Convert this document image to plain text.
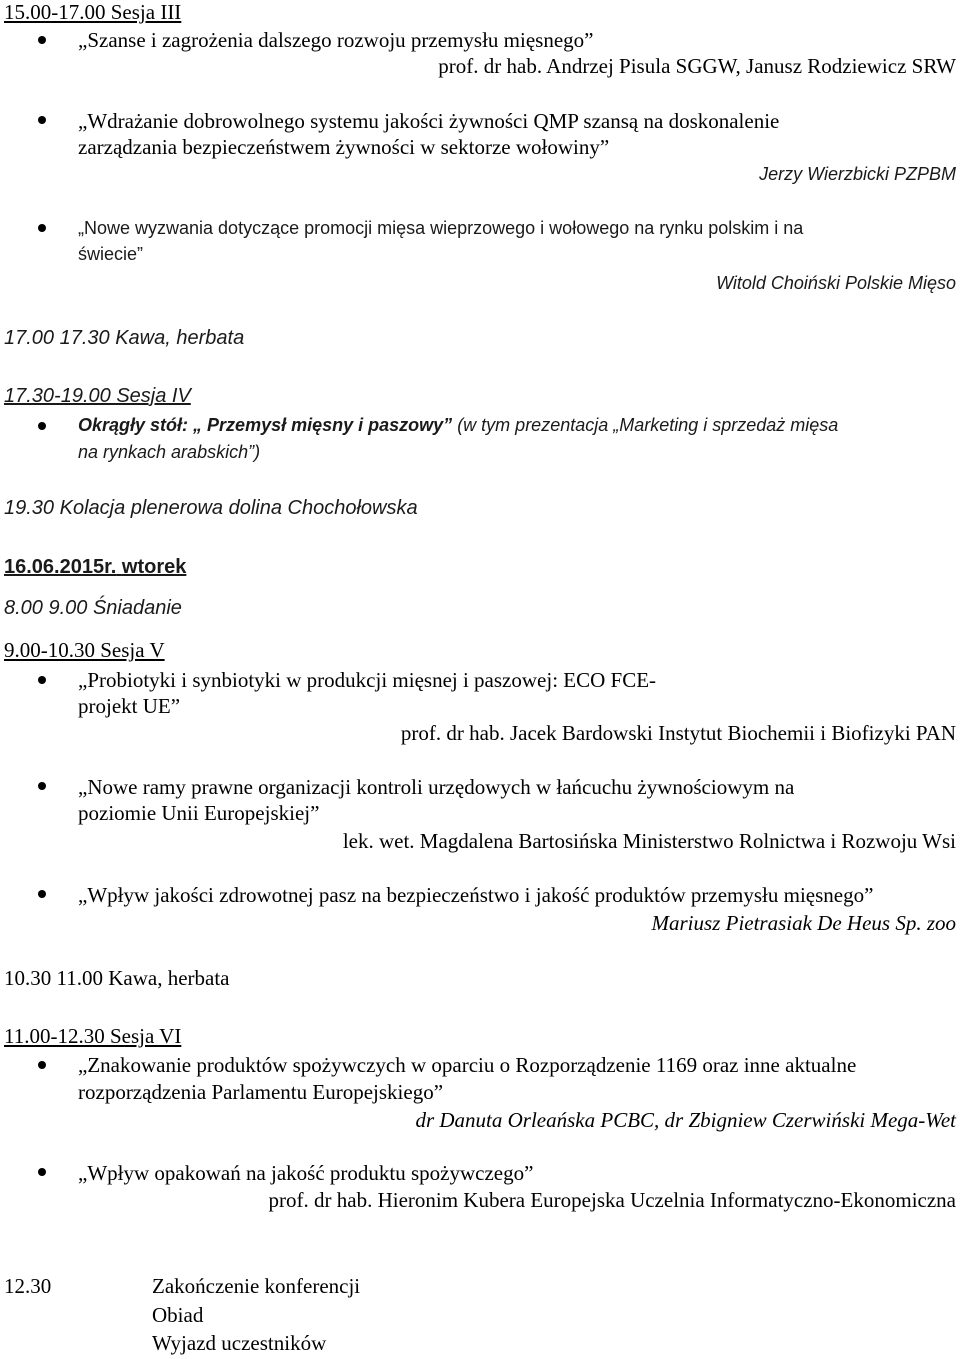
15.00-17.00 Sesja III
„Szanse i zagrożenia dalszego rozwoju przemysłu mięsnego”
prof. dr hab. Andrzej Pisula SGGW, Janusz Rodziewicz SRW
„Wdrażanie dobrowolnego systemu jakości żywności QMP szansą na doskonalenie
zarządzania bezpieczeństwem żywności w sektorze wołowiny”
Jerzy Wierzbicki PZPBM
„Nowe wyzwania dotyczące promocji mięsa wieprzowego i wołowego na rynku polskim i na
świecie”
Witold Choiński Polskie Mięso
17.00 17.30 Kawa, herbata
17.30-19.00 Sesja IV
Okrągły stół: „ Przemysł mięsny i paszowy” (w tym prezentacja „Marketing i sprzedaż mięsa
na rynkach arabskich”)
19.30 Kolacja plenerowa dolina Chochołowska
16.06.2015r. wtorek
8.00 9.00 Śniadanie
9.00-10.30 Sesja V
„Probiotyki i synbiotyki w produkcji mięsnej i paszowej: ECO FCE-
projekt UE”
prof. dr hab. Jacek Bardowski Instytut Biochemii i Biofizyki PAN
„Nowe ramy prawne organizacji kontroli urzędowych w łańcuchu żywnościowym na
poziomie Unii Europejskiej”
lek. wet. Magdalena Bartosińska Ministerstwo Rolnictwa i Rozwoju Wsi
„Wpływ jakości zdrowotnej pasz na bezpieczeństwo i jakość produktów przemysłu mięsnego”
Mariusz Pietrasiak De Heus Sp. zoo
10.30 11.00 Kawa, herbata
11.00-12.30 Sesja VI
„Znakowanie produktów spożywczych w oparciu o Rozporządzenie 1169 oraz inne aktualne
rozporządzenia Parlamentu Europejskiego”
dr Danuta Orleańska PCBC, dr Zbigniew Czerwiński Mega-Wet
„Wpływ opakowań na jakość produktu spożywczego”
prof. dr hab. Hieronim Kubera Europejska Uczelnia Informatyczno-Ekonomiczna
12.30	Zakończenie konferencji
Obiad
Wyjazd uczestników
